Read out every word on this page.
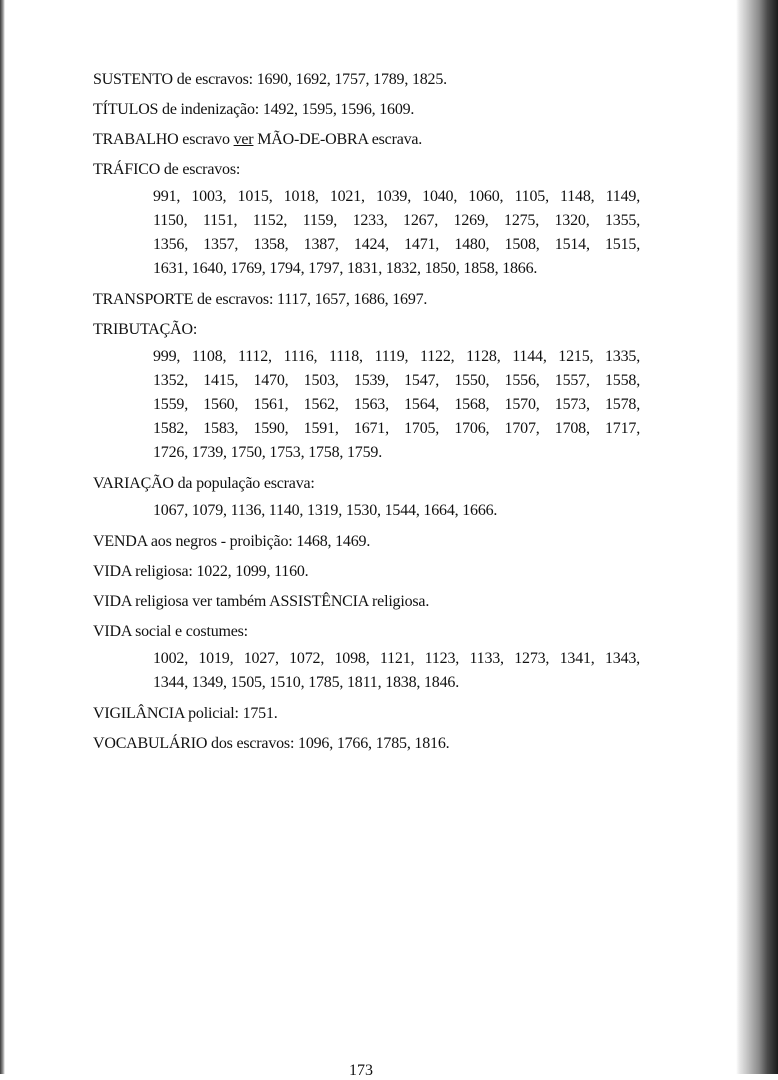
SUSTENTO de escravos: 1690, 1692, 1757, 1789, 1825.
TÍTULOS de indenização: 1492, 1595, 1596, 1609.
TRABALHO escravo ver MÃO-DE-OBRA escrava.
TRÁFICO de escravos:
991, 1003, 1015, 1018, 1021, 1039, 1040, 1060, 1105, 1148, 1149,
1150, 1151, 1152, 1159, 1233, 1267, 1269, 1275, 1320, 1355,
1356, 1357, 1358, 1387, 1424, 1471, 1480, 1508, 1514, 1515,
1631, 1640, 1769, 1794, 1797, 1831, 1832, 1850, 1858, 1866.
TRANSPORTE de escravos: 1117, 1657, 1686, 1697.
TRIBUTAÇÃO:
999, 1108, 1112, 1116, 1118, 1119, 1122, 1128, 1144, 1215, 1335,
1352, 1415, 1470, 1503, 1539, 1547, 1550, 1556, 1557, 1558,
1559, 1560, 1561, 1562, 1563, 1564, 1568, 1570, 1573, 1578,
1582, 1583, 1590, 1591, 1671, 1705, 1706, 1707, 1708, 1717,
1726, 1739, 1750, 1753, 1758, 1759.
VARIAÇÃO da população escrava:
1067, 1079, 1136, 1140, 1319, 1530, 1544, 1664, 1666.
VENDA aos negros - proibição: 1468, 1469.
VIDA religiosa: 1022, 1099, 1160.
VIDA religiosa ver também ASSISTÊNCIA religiosa.
VIDA social e costumes:
1002, 1019, 1027, 1072, 1098, 1121, 1123, 1133, 1273, 1341, 1343,
1344, 1349, 1505, 1510, 1785, 1811, 1838, 1846.
VIGILÂNCIA policial: 1751.
VOCABULÁRIO dos escravos: 1096, 1766, 1785, 1816.
173
